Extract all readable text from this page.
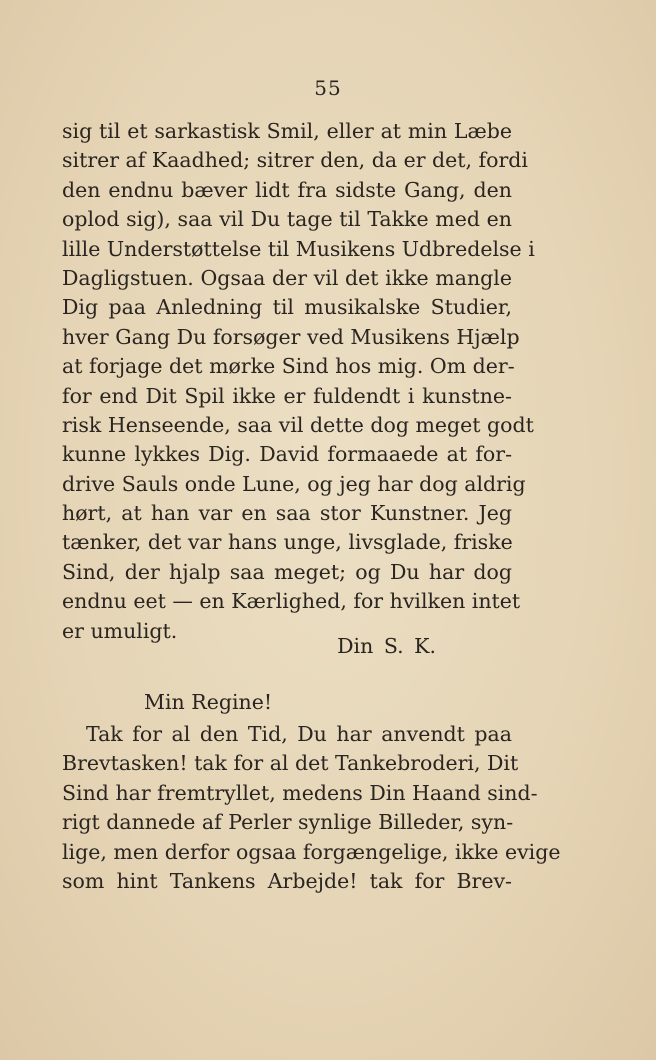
55
sig til et sarkastisk Smil, eller at min Læbe
sitrer af Kaadhed; sitrer den, da er det, fordi
den endnu bæver lidt fra sidste Gang, den
oplod sig), saa vil Du tage til Takke med en
lille Understøttelse til Musikens Udbredelse i
Dagligstuen. Ogsaa der vil det ikke mangle
Dig paa Anledning til musikalske Studier,
hver Gang Du forsøger ved Musikens Hjælp
at forjage det mørke Sind hos mig. Om der-
for end Dit Spil ikke er fuldendt i kunstne-
risk Henseende, saa vil dette dog meget godt
kunne lykkes Dig. David formaaede at for-
drive Sauls onde Lune, og jeg har dog aldrig
hørt, at han var en saa stor Kunstner. Jeg
tænker, det var hans unge, livsglade, friske
Sind, der hjalp saa meget; og Du har dog
endnu eet — en Kærlighed, for hvilken intet
er umuligt.
Din S. K.
Min Regine!
Tak for al den Tid, Du har anvendt paa
Brevtasken! tak for al det Tankebroderi, Dit
Sind har fremtryllet, medens Din Haand sind-
rigt dannede af Perler synlige Billeder, syn-
lige, men derfor ogsaa forgængelige, ikke evige
som hint Tankens Arbejde! tak for Brev-
